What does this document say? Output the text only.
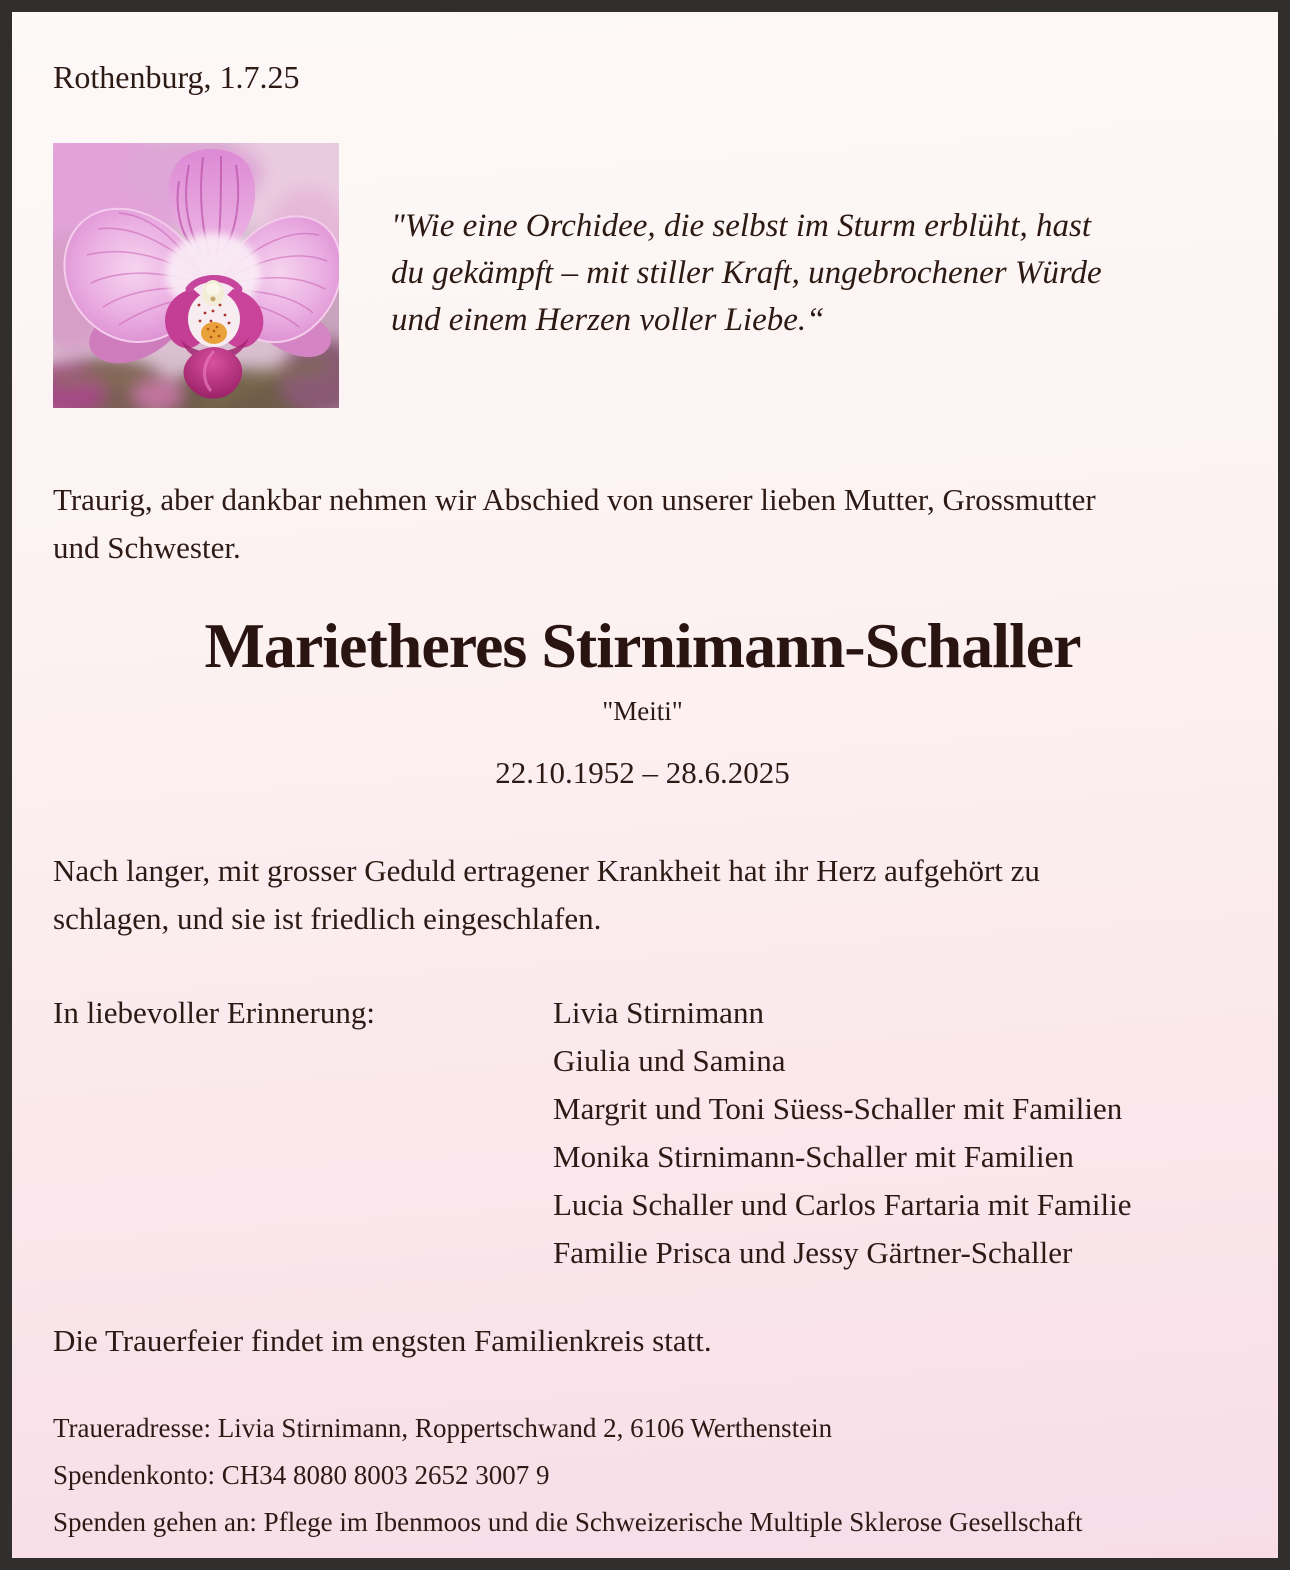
Rothenburg, 1.7.25
"Wie eine Orchidee, die selbst im Sturm erblüht, hast
du gekämpft – mit stiller Kraft, ungebrochener Würde
und einem Herzen voller Liebe.“
Traurig, aber dankbar nehmen wir Abschied von unserer lieben Mutter, Grossmutter
und Schwester.
Marietheres Stirnimann-Schaller
"Meiti"
22.10.1952 – 28.6.2025
Nach langer, mit grosser Geduld ertragener Krankheit hat ihr Herz aufgehört zu
schlagen, und sie ist friedlich eingeschlafen.
In liebevoller Erinnerung:	Livia Stirnimann
Giulia und Samina
Margrit und Toni Süess-Schaller mit Familien
Monika Stirnimann-Schaller mit Familien
Lucia Schaller und Carlos Fartaria mit Familie
Familie Prisca und Jessy Gärtner-Schaller
Die Trauerfeier findet im engsten Familienkreis statt.
Traueradresse: Livia Stirnimann, Roppertschwand 2, 6106 Werthenstein
Spendenkonto: CH34 8080 8003 2652 3007 9
Spenden gehen an: Pflege im Ibenmoos und die Schweizerische Multiple Sklerose Gesellschaft
